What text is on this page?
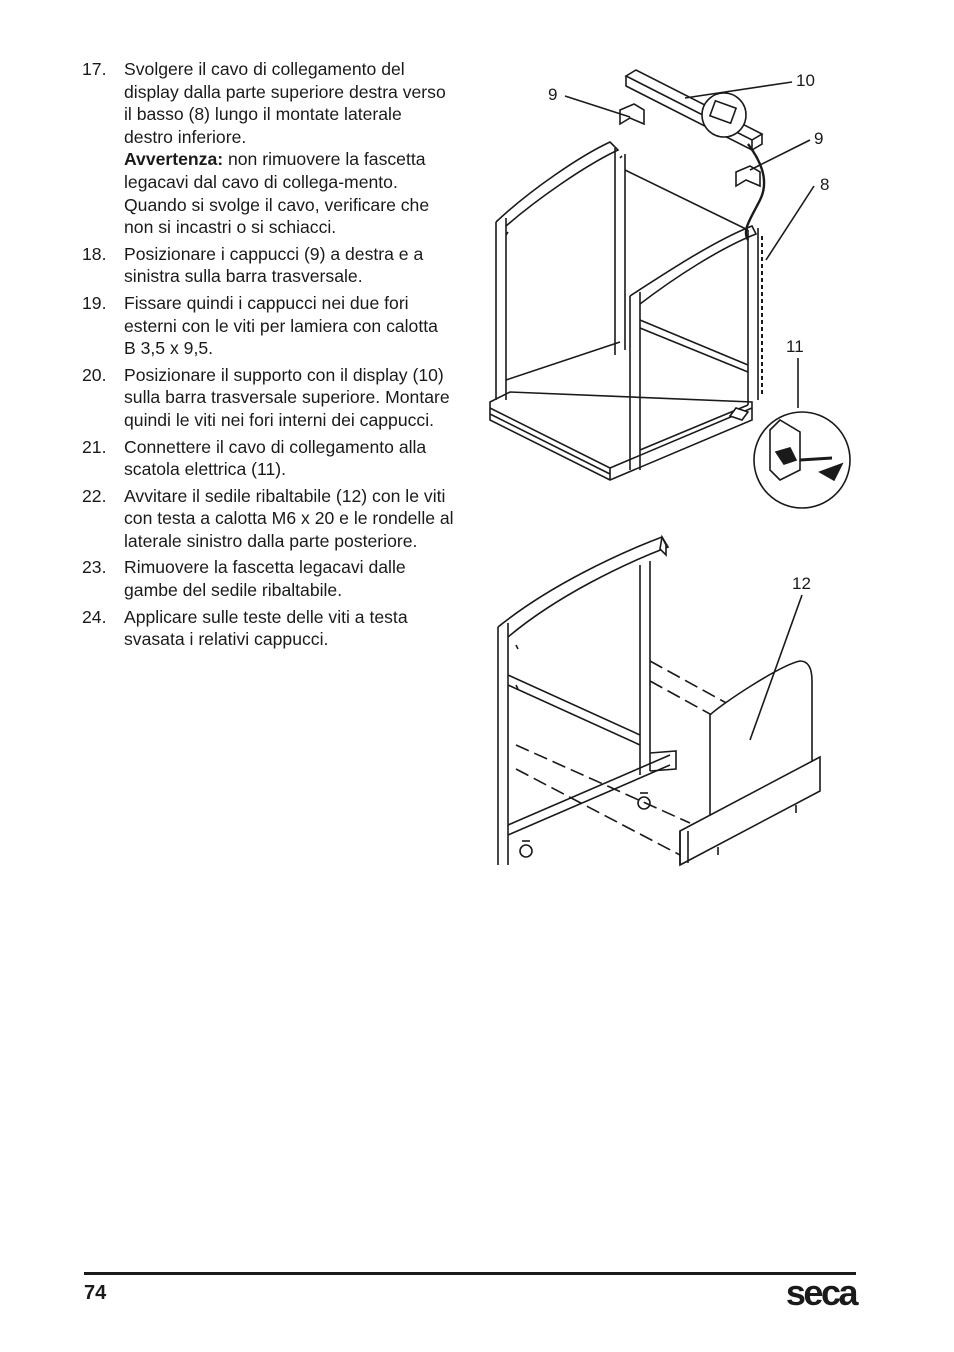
17. Svolgere il cavo di collegamento del display dalla parte superiore destra verso il basso (8) lungo il montate laterale destro inferiore.
Avvertenza: non rimuovere la fascetta legacavi dal cavo di collega-mento. Quando si svolge il cavo, verificare che non si incastri o si schiacci.
18. Posizionare i cappucci (9) a destra e a sinistra sulla barra trasversale.
19. Fissare quindi i cappucci nei due fori esterni con le viti per lamiera con calotta B 3,5 x 9,5.
20. Posizionare il supporto con il display (10) sulla barra trasversale superiore. Montare quindi le viti nei fori interni dei cappucci.
21. Connettere il cavo di collegamento alla scatola elettrica (11).
22. Avvitare il sedile ribaltabile (12) con le viti con testa a calotta M6 x 20 e le rondelle al laterale sinistro dalla parte posteriore.
23. Rimuovere la fascetta legacavi dalle gambe del sedile ribaltabile.
24. Applicare sulle teste delle viti a testa svasata i relativi cappucci.
9
10
9
8
11
12
74	seca
